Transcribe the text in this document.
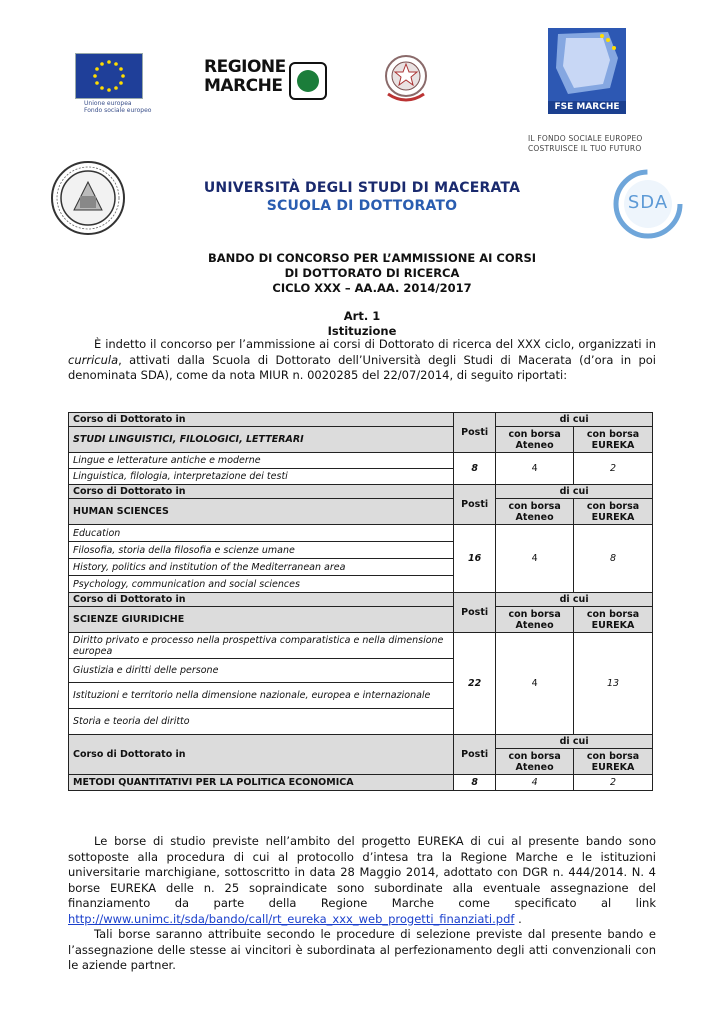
Unione europea
Fondo sociale europeo
REGIONE
MARCHE
FSE MARCHE
IL FONDO SOCIALE EUROPEO
COSTRUISCE IL TUO FUTURO
SDA
UNIVERSITÀ DEGLI STUDI DI MACERATA
SCUOLA DI DOTTORATO
BANDO DI CONCORSO PER L’AMMISSIONE AI CORSI
DI DOTTORATO DI RICERCA
CICLO XXX – AA.AA. 2014/2017
Art. 1
Istituzione
È indetto il concorso per l’ammissione ai corsi di Dottorato di ricerca del XXX ciclo, organizzati in curricula, attivati dalla Scuola di Dottorato dell’Università degli Studi di Macerata (d’ora in poi denominata SDA), come da nota MIUR n. 0020285 del 22/07/2014, di seguito riportati:
Corso di Dottorato in	Posti	di cui	
STUDI LINGUISTICI, FILOLOGICI, LETTERARI		con borsa Ateneo	con borsa EUREKA
Lingue e letterature antiche e moderne	8	4	2
Linguistica, filologia, interpretazione dei testi			
Corso di Dottorato in	Posti	di cui	
HUMAN SCIENCES		con borsa Ateneo	con borsa EUREKA
Education	16	4	8
Filosofia, storia della filosofia e scienze umane			
History, politics and institution of the Mediterranean area			
Psychology, communication and social sciences			
Corso di Dottorato in	Posti	di cui	
SCIENZE GIURIDICHE		con borsa Ateneo	con borsa EUREKA
Diritto privato e processo nella prospettiva comparatistica e nella dimensione europea	22	4	13
Giustizia e diritti delle persone			
Istituzioni e territorio nella dimensione nazionale, europea e internazionale			
Storia e teoria del diritto			
Corso di Dottorato in	Posti	di cui	
		con borsa Ateneo	con borsa EUREKA
METODI QUANTITATIVI PER LA POLITICA ECONOMICA	8	4	2
Le borse di studio previste nell’ambito del progetto EUREKA di cui al presente bando sono sottoposte alla procedura di cui al protocollo d’intesa tra la Regione Marche e le istituzioni universitarie marchigiane, sottoscritto in data 28 Maggio 2014, adottato con DGR n. 444/2014. N. 4 borse EUREKA delle n. 25 sopraindicate sono subordinate alla eventuale assegnazione del finanziamento da parte della Regione Marche come specificato al link http://www.unimc.it/sda/bando/call/rt_eureka_xxx_web_progetti_finanziati.pdf .
Tali borse saranno attribuite secondo le procedure di selezione previste dal presente bando e l’assegnazione delle stesse ai vincitori è subordinata al perfezionamento degli atti convenzionali con le aziende partner.
